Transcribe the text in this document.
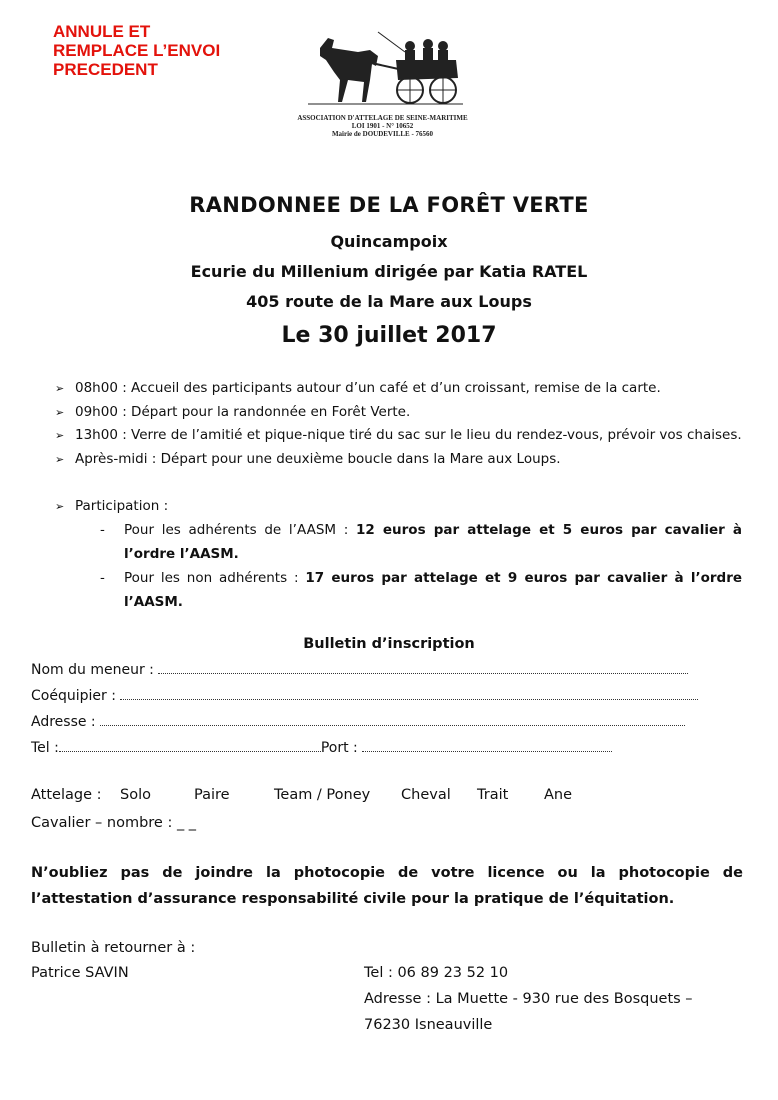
ANNULE ET
REMPLACE L’ENVOI
PRECEDENT
ASSOCIATION D'ATTELAGE DE SEINE-MARITIME
LOI 1901 - N° 10652
Mairie de DOUDEVILLE - 76560
RANDONNEE DE LA FORÊT VERTE
Quincampoix
Ecurie du Millenium dirigée par Katia RATEL
405 route de la Mare aux Loups
Le 30 juillet 2017
➢ 08h00 : Accueil des participants autour d’un café et d’un croissant, remise de la carte.
➢ 09h00 : Départ pour la randonnée en Forêt Verte.
➢ 13h00 : Verre de l’amitié et pique-nique tiré du sac sur le lieu du rendez-vous, prévoir vos chaises.
➢ Après-midi : Départ pour une deuxième boucle dans la Mare aux Loups.
➢ Participation :
- Pour les adhérents de l’AASM : 12 euros par attelage et 5 euros par cavalier à l’ordre l’AASM.
- Pour les non adhérents : 17 euros par attelage et 9 euros par cavalier à l’ordre l’AASM.
Bulletin d’inscription
Nom du meneur :
Coéquipier :
Adresse :
Tel :	Port :
Attelage : Solo	Paire	Team / Poney Cheval Trait Ane
Cavalier – nombre : _ _
N’oubliez pas de joindre la photocopie de votre licence ou la photocopie de l’attestation d’assurance responsabilité civile pour la pratique de l’équitation.
Bulletin à retourner à :
Patrice SAVIN	Tel : 06 89 23 52 10
Adresse : La Muette - 930 rue des Bosquets –
76230 Isneauville
